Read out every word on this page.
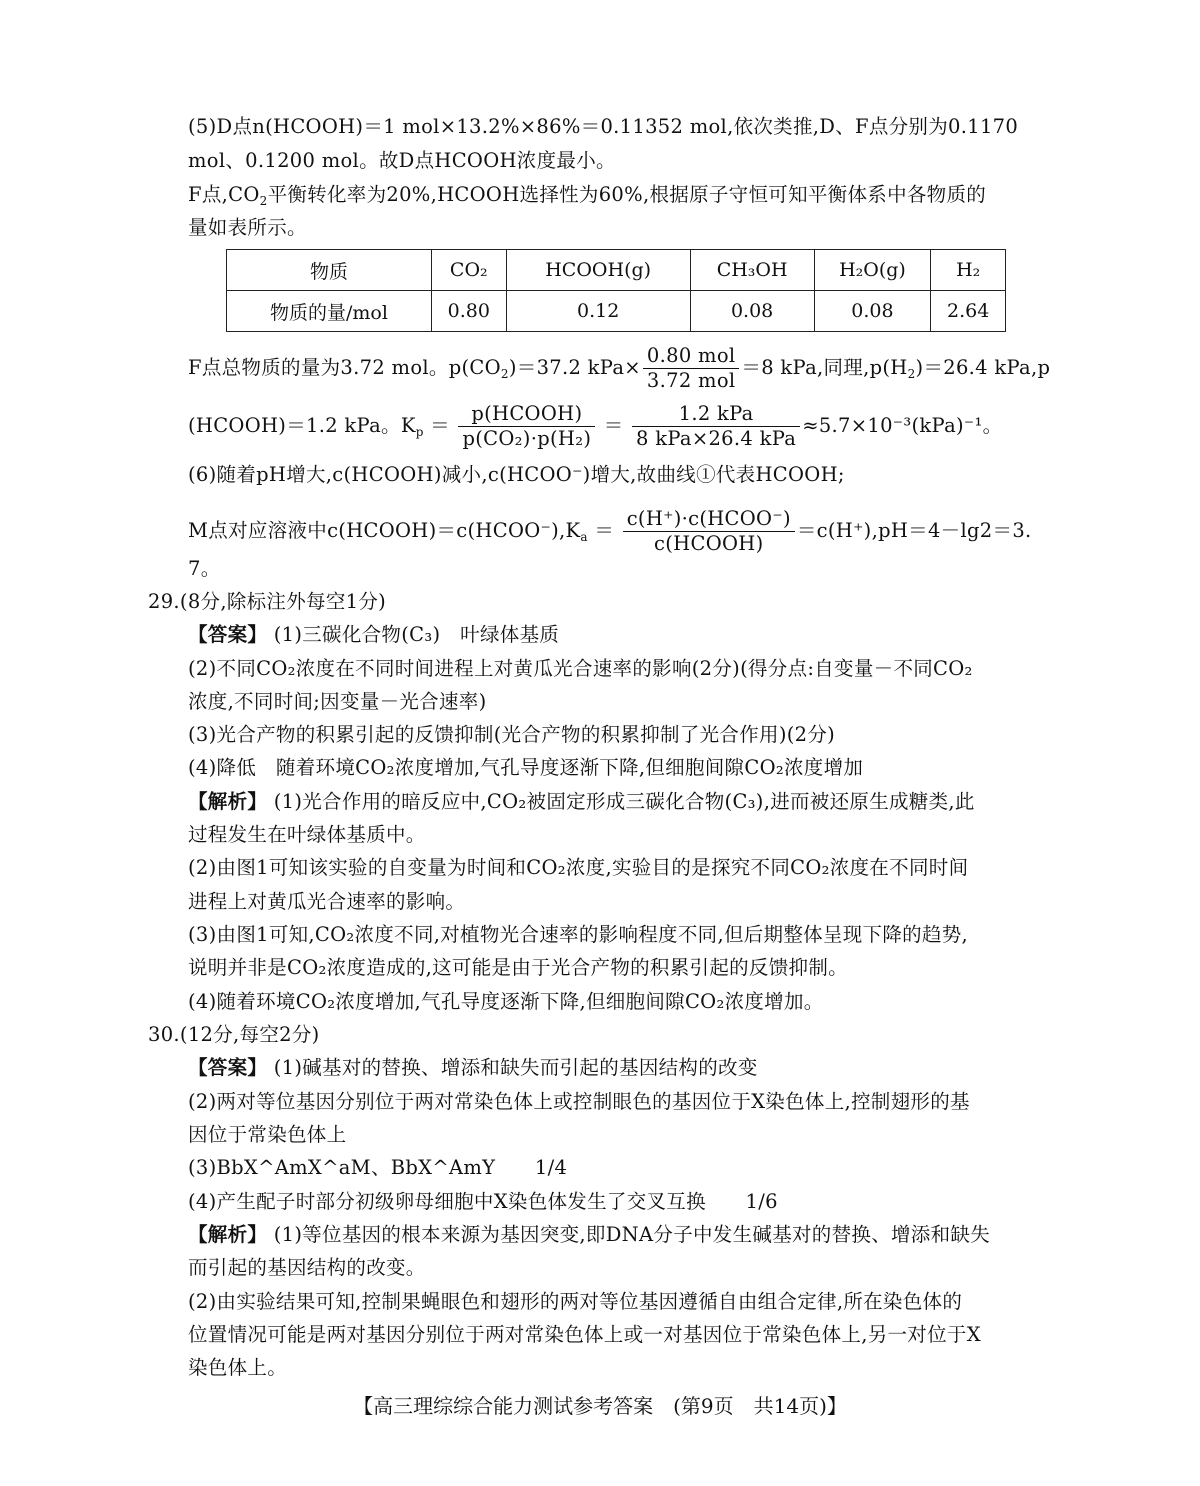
(5)D点n(HCOOH)＝1 mol×13.2%×86%＝0.11352 mol,依次类推,D、F点分别为0.1170
mol、0.1200 mol。故D点HCOOH浓度最小。
F点$,CO_2$平衡转化率为20%,HCOOH选择性为60%,根据原子守恒可知平衡体系中各物质的
量如表所示。
物质	CO₂	HCOOH(g)	CH₃OH	H₂O(g)	H₂
物质的量/mol	0.80	0.12	0.08	0.08	2.64
F点总物质的量为3.72 mol。$p(CO_2)=37.2$ $kPa\times \frac{\text{0.80 mol}}{\text{3.72 mol}} =8$ kPa,同理$,p(H_2)=26.4$ kPa,p
(HCOOH)＝1.2 kPa。$K_p = \frac{\text{p(HCOOH)}}{\text{p(CO₂)·p(H₂)}} = \frac{\text{1.2 kPa}}{\text{8 kPa×26.4 kPa}} \approx 5.7\times 10^{-3}(kPa)^{-1}$。
(6)随着pH增大,c(HCOOH)减小,c(HCOO⁻)增大,故曲线①代表HCOOH;
M点对应溶液中$c(HCOOH)=c(HCOO^-),K_a = \frac{\text{c(H⁺)·c(HCOO⁻)}}{\text{c(HCOOH)}} =c(H^+),pH=4-\lg 2=3$.
7。
29.(8分,除标注外每空1分)
【答案】 (1)三碳化合物(C₃)　叶绿体基质
(2)不同CO₂浓度在不同时间进程上对黄瓜光合速率的影响(2分)(得分点:自变量－不同CO₂
浓度,不同时间;因变量－光合速率)
(3)光合产物的积累引起的反馈抑制(光合产物的积累抑制了光合作用)(2分)
(4)降低　随着环境CO₂浓度增加,气孔导度逐渐下降,但细胞间隙CO₂浓度增加
【解析】 (1)光合作用的暗反应中,CO₂被固定形成三碳化合物(C₃),进而被还原生成糖类,此
过程发生在叶绿体基质中。
(2)由图1可知该实验的自变量为时间和CO₂浓度,实验目的是探究不同CO₂浓度在不同时间
进程上对黄瓜光合速率的影响。
(3)由图1可知,CO₂浓度不同,对植物光合速率的影响程度不同,但后期整体呈现下降的趋势,
说明并非是CO₂浓度造成的,这可能是由于光合产物的积累引起的反馈抑制。
(4)随着环境CO₂浓度增加,气孔导度逐渐下降,但细胞间隙CO₂浓度增加。
30.(12分,每空2分)
【答案】 (1)碱基对的替换、增添和缺失而引起的基因结构的改变
(2)两对等位基因分别位于两对常染色体上或控制眼色的基因位于X染色体上,控制翅形的基
因位于常染色体上
(3)BbX^AmX^aM、BbX^AmY　　1/4
(4)产生配子时部分初级卵母细胞中X染色体发生了交叉互换　　1/6
【解析】 (1)等位基因的根本来源为基因突变,即DNA分子中发生碱基对的替换、增添和缺失
而引起的基因结构的改变。
(2)由实验结果可知,控制果蝇眼色和翅形的两对等位基因遵循自由组合定律,所在染色体的
位置情况可能是两对基因分别位于两对常染色体上或一对基因位于常染色体上,另一对位于X
染色体上。
【高三理综综合能力测试参考答案　(第9页　共14页)】
